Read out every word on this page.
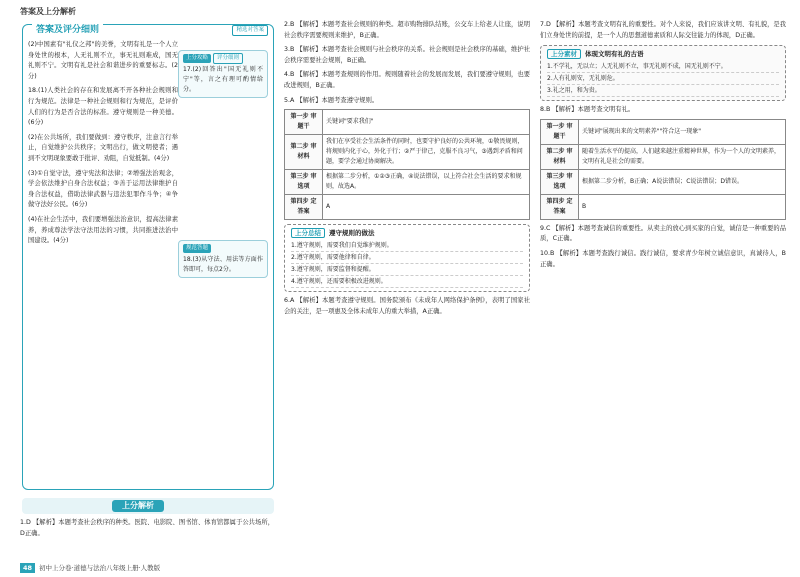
答案及上分解析
答案及评分细则	精选对答案

(2)中国素有"礼仪之邦"的美誉，文明有礼是一个人立身处世的根本，人无礼则不立，事无礼则难成，国无礼则不宁。文明有礼是社会和谐进步的重要标志。(2分)

18.(1)人类社会的存在和发展离不开各种社会规则和行为规范。法律是一种社会规则和行为规范，是评价人们的行为是否合法的标准。遵守规则是一种美德。(6分)

(2)在公共场所，我们要做到：遵守秩序，注意言行举止，自觉维护公共秩序；文明出行，做文明使者；遇到不文明现象要敢于批评、劝阻，自觉抵制。(4分)

(3)①自觉守法，遵守宪法和法律；②增强法治观念，学会依法维护自身合法权益；③善于运用法律维护自身合法权益，借助法律武器与违法犯罪作斗争；④争做守法好公民。(6分)

(4)在社会生活中，我们要增强法治意识，提高法律素养，养成尊法学法守法用法的习惯，共同推进法治中国建设。(4分)

上分攻略 评分细则
17.(2)回答出"国无礼则不宁"等，言之有理可酌情给分。
规范答题
18.(3)从守法、用法等方面作答即可，每点2分。
上分解析

1.D 【解析】本题考查社会秩序的种类。医院、电影院、图书馆、体育馆都属于公共场所，D正确。

2.B 【解析】本题考查社会规则的种类。超市购物排队结账，公交车上给老人让座，说明社会秩序需要规则来维护，B正确。

3.B 【解析】本题考查社会规则与社会秩序的关系。社会规则是社会秩序的基础，维护社会秩序需要社会规则，B正确。

4.B 【解析】本题考查规则的作用。规则随着社会的发展而发展，我们要遵守规则，也要改进规则，B正确。

5.A 【解析】本题考查遵守规则。

第一步 审题干	关键词"要求我们"
第二步 审材料	我们在享受社会生活条件的同时，也要守护良好的公共环境，①敬畏规则，将规则内化于心，外化于行；②严于律己，克服不良习气，③遇到矛盾和问题，要学会通过协商解决。
第三步 审选项	根据第二步分析，①②③正确，④说法错误，以上符合社会生活的要求和规则，故选A。
第四步 定答案	A
上分总结 遵守规则的做法
1.遵守规则，需要我们自觉维护规则。
2.遵守规则，需要他律和自律。
3.遵守规则，需要监督和提醒。
4.遵守规则，还需要积极改进规则。

6.A 【解析】本题考查遵守规则。国务院颁布《未成年人网络保护条例》，表明了国家社会的关注，是一项惠及全体未成年人的重大举措，A正确。

7.D 【解析】本题考查文明有礼的重要性。对个人来说，我们应该讲文明、有礼貌，是我们立身处世的前提，是一个人的思想道德素质和人际交往能力的体现，D正确。

上分素材 体现文明有礼的古语
1.不学礼，无以立；人无礼则不立，事无礼则不成，国无礼则不宁。
2.人有礼则安，无礼则危。
3.礼之用，和为贵。

8.B 【解析】本题考查文明有礼。

第一步 审题干	关键词"展现出来的文明素养""符合这一现象"
第二步 审材料	随着生活水平的提高，人们越来越注重精神世界，作为一个人的文明素养，文明有礼是社会的需要。
第三步 审选项	根据第二步分析，B正确；A说法错误；C说法错误；D错误。
第四步 定答案	B

9.C 【解析】本题考查诚信的重要性。从卖主的放心到买家的自觉，诚信是一种重要的品质，C正确。

10.B 【解析】本题考查践行诚信。践行诚信，要求青少年树立诚信意识，真诚待人，B正确。

48 初中上分卷·道德与法治八年级上册·人教版
